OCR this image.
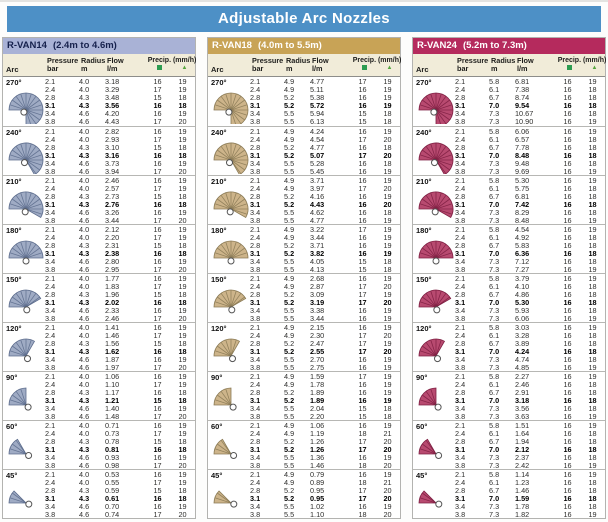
Adjustable Arc Nozzles
R-VAN14 (2.4m to 4.6m)
Arc
Pressure
bar
Radius
m
Flow
l/m
Precip. (mm/h)
▲
270°	2.1	4.0	3.18	16	19
2.4	4.0	3.29	17	19
2.8	4.3	3.48	15	18
3.1	4.3	3.56	16	18
3.4	4.6	4.20	16	19
3.8	4.6	4.43	17	20
240°	2.1	4.0	2.82	16	19
2.4	4.0	2.93	17	19
2.8	4.3	3.10	15	18
3.1	4.3	3.16	16	18
3.4	4.6	3.73	16	19
3.8	4.6	3.94	17	20
210°	2.1	4.0	2.46	16	19
2.4	4.0	2.57	17	19
2.8	4.3	2.73	15	18
3.1	4.3	2.76	16	18
3.4	4.6	3.26	16	19
3.8	4.6	3.44	17	20
180°	2.1	4.0	2.12	16	19
2.4	4.0	2.20	17	19
2.8	4.3	2.31	15	18
3.1	4.3	2.38	16	18
3.4	4.6	2.80	16	19
3.8	4.6	2.95	17	20
150°	2.1	4.0	1.77	16	19
2.4	4.0	1.83	17	19
2.8	4.3	1.96	15	18
3.1	4.3	2.02	16	18
3.4	4.6	2.33	16	19
3.8	4.6	2.46	17	20
120°	2.1	4.0	1.41	16	19
2.4	4.0	1.46	17	19
2.8	4.3	1.56	15	18
3.1	4.3	1.62	16	18
3.4	4.6	1.87	16	19
3.8	4.6	1.97	17	20
90°	2.1	4.0	1.06	16	19
2.4	4.0	1.10	17	19
2.8	4.3	1.17	16	18
3.1	4.3	1.21	15	18
3.4	4.6	1.40	16	19
3.8	4.6	1.48	17	20
60°	2.1	4.0	0.71	16	19
2.4	4.0	0.73	17	19
2.8	4.3	0.78	15	18
3.1	4.3	0.81	16	18
3.4	4.6	0.93	16	19
3.8	4.6	0.98	17	20
45°	2.1	4.0	0.53	16	19
2.4	4.0	0.55	17	19
2.8	4.3	0.59	15	18
3.1	4.3	0.61	16	18
3.4	4.6	0.70	16	19
3.8	4.6	0.74	17	20
R-VAN18 (4.0m to 5.5m)
Arc
Pressure
bar
Radius
m
Flow
l/m
Precip. (mm/h)
▲
270°	2.1	4.9	4.77	17	19
2.4	4.9	5.11	16	19
2.8	5.2	5.38	16	19
3.1	5.2	5.72	16	19
3.4	5.5	5.94	15	18
3.8	5.5	6.13	15	18
240°	2.1	4.9	4.24	16	19
2.4	4.9	4.54	17	20
2.8	5.2	4.77	16	18
3.1	5.2	5.07	17	20
3.4	5.5	5.28	16	18
3.8	5.5	5.45	16	19
210°	2.1	4.9	3.71	16	19
2.4	4.9	3.97	17	20
2.8	5.2	4.16	16	19
3.1	5.2	4.43	16	20
3.4	5.5	4.62	16	18
3.8	5.5	4.77	16	19
180°	2.1	4.9	3.22	17	19
2.4	4.9	3.44	16	19
2.8	5.2	3.71	16	19
3.1	5.2	3.82	16	19
3.4	5.5	4.05	15	18
3.8	5.5	4.13	15	18
150°	2.1	4.9	2.68	16	19
2.4	4.9	2.87	17	20
2.8	5.2	3.09	17	19
3.1	5.2	3.19	17	20
3.4	5.5	3.38	16	19
3.8	5.5	3.44	16	19
120°	2.1	4.9	2.15	16	19
2.4	4.9	2.30	17	20
2.8	5.2	2.47	17	19
3.1	5.2	2.55	17	20
3.4	5.5	2.70	16	19
3.8	5.5	2.75	16	19
90°	2.1	4.9	1.59	17	19
2.4	4.9	1.78	16	19
2.8	5.2	1.89	16	19
3.1	5.2	1.89	16	19
3.4	5.5	2.04	15	18
3.8	5.5	2.20	15	18
60°	2.1	4.9	1.06	16	19
2.4	4.9	1.19	18	21
2.8	5.2	1.26	17	20
3.1	5.2	1.26	17	20
3.4	5.5	1.36	16	19
3.8	5.5	1.46	18	20
45°	2.1	4.9	0.79	16	19
2.4	4.9	0.89	18	21
2.8	5.2	0.95	17	20
3.1	5.2	0.95	17	20
3.4	5.5	1.02	16	19
3.8	5.5	1.10	18	20
R-VAN24 (5.2m to 7.3m)
Arc
Pressure
bar
Radius
m
Flow
l/m
Precip. (mm/h)
▲
270°	2.1	5.8	6.81	16	19
2.4	6.1	7.38	16	18
2.8	6.7	8.74	16	18
3.1	7.0	9.54	16	18
3.4	7.3	10.67	16	18
3.8	7.3	10.90	16	19
240°	2.1	5.8	6.06	16	19
2.4	6.1	6.57	16	18
2.8	6.7	7.78	16	18
3.1	7.0	8.48	16	18
3.4	7.3	9.48	16	18
3.8	7.3	9.69	16	19
210°	2.1	5.8	5.30	16	19
2.4	6.1	5.75	16	18
2.8	6.7	6.81	16	18
3.1	7.0	7.42	16	18
3.4	7.3	8.29	16	18
3.8	7.3	8.48	16	19
180°	2.1	5.8	4.54	16	19
2.4	6.1	4.92	16	18
2.8	6.7	5.83	16	18
3.1	7.0	6.36	16	18
3.4	7.3	7.12	16	18
3.8	7.3	7.27	16	19
150°	2.1	5.8	3.79	16	19
2.4	6.1	4.10	16	18
2.8	6.7	4.86	16	18
3.1	7.0	5.30	16	18
3.4	7.3	5.93	16	18
3.8	7.3	6.06	16	19
120°	2.1	5.8	3.03	16	19
2.4	6.1	3.28	16	18
2.8	6.7	3.89	16	18
3.1	7.0	4.24	16	18
3.4	7.3	4.74	16	18
3.8	7.3	4.85	16	19
90°	2.1	5.8	2.27	16	19
2.4	6.1	2.46	16	18
2.8	6.7	2.91	16	18
3.1	7.0	3.18	16	18
3.4	7.3	3.56	16	18
3.8	7.3	3.63	16	19
60°	2.1	5.8	1.51	16	19
2.4	6.1	1.64	16	18
2.8	6.7	1.94	16	18
3.1	7.0	2.12	16	18
3.4	7.3	2.37	16	18
3.8	7.3	2.42	16	19
45°	2.1	5.8	1.14	16	19
2.4	6.1	1.23	16	18
2.8	6.7	1.46	16	18
3.1	7.0	1.59	16	18
3.4	7.3	1.78	16	18
3.8	7.3	1.82	16	19
